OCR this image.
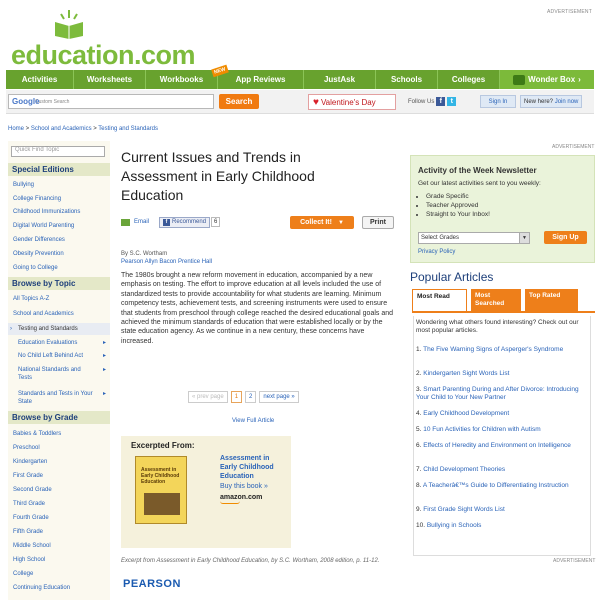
education.com
ADVERTISEMENT
Activities	Worksheets	Workbooks
NEW
App Reviews	JustAsk	Schools	Colleges	Wonder Box ›
Google
Custom Search	Search	♥ Valentine's Day	Follow Us f	t	Sign In	New here?
Join now
Home > School and Academics > Testing and Standards
Quick Find Topic
Special Editions
Bullying
College Financing
Childhood Immunizations
Digital World Parenting
Gender Differences
Obesity Prevention
Going to College
Browse by Topic
All Topics A-Z
School and Academics
› Testing and Standards
Education Evaluations	▸
No Child Left Behind Act	▸
National Standards and Tests
▸
Standards and Tests in Your State
▸
Browse by Grade
Babies & Toddlers
Preschool
Kindergarten
First Grade
Second Grade
Third Grade
Fourth Grade
Fifth Grade
Middle School
High School
College
Continuing Education
Current Issues and Trends in Assessment in Early Childhood Education
Email	f Recommend	6	Collect It! ▼	Print
By S.C. Wortham
Pearson Allyn Bacon Prentice Hall
The 1980s brought a new reform movement in education, accompanied by a new emphasis on testing. The effort to improve education at all levels included the use of standardized tests to provide accountability for what students are learning. Minimum competency tests, achievement tests, and screening instruments were used to ensure that students from preschool through college reached the desired educational goals and achieved the minimum standards of education that were established locally or by the state education agency. As we continue in a new century, these concerns have increased.
« prev page	1	2	next page »
View Full Article
Excerpted From:
Assessment in Early Childhood Education
Assessment in Early Childhood Education
Buy this book »
amazon.com
Excerpt from Assessment in Early Childhood Education, by S.C. Wortham, 2008 edition, p. 11-12.
PEARSON
ADVERTISEMENT
Activity of the Week Newsletter
Get our latest activities sent to you weekly:
• Grade Specific
• Teacher Approved
• Straight to Your Inbox!
Select Grades	▼	Sign Up
Privacy Policy
Popular Articles
Most Read	Most Searched
Top Rated
Wondering what others found interesting? Check out our most popular articles.
1. The Five Warning Signs of Asperger's Syndrome
2. Kindergarten Sight Words List
3. Smart Parenting During and After Divorce: Introducing Your Child to Your New Partner
4. Early Childhood Development
5. 10 Fun Activities for Children with Autism
6. Effects of Heredity and Environment on Intelligence
7. Child Development Theories
8. A Teacherâ€™s Guide to Differentiating Instruction
9. First Grade Sight Words List
10. Bullying in Schools
ADVERTISEMENT
